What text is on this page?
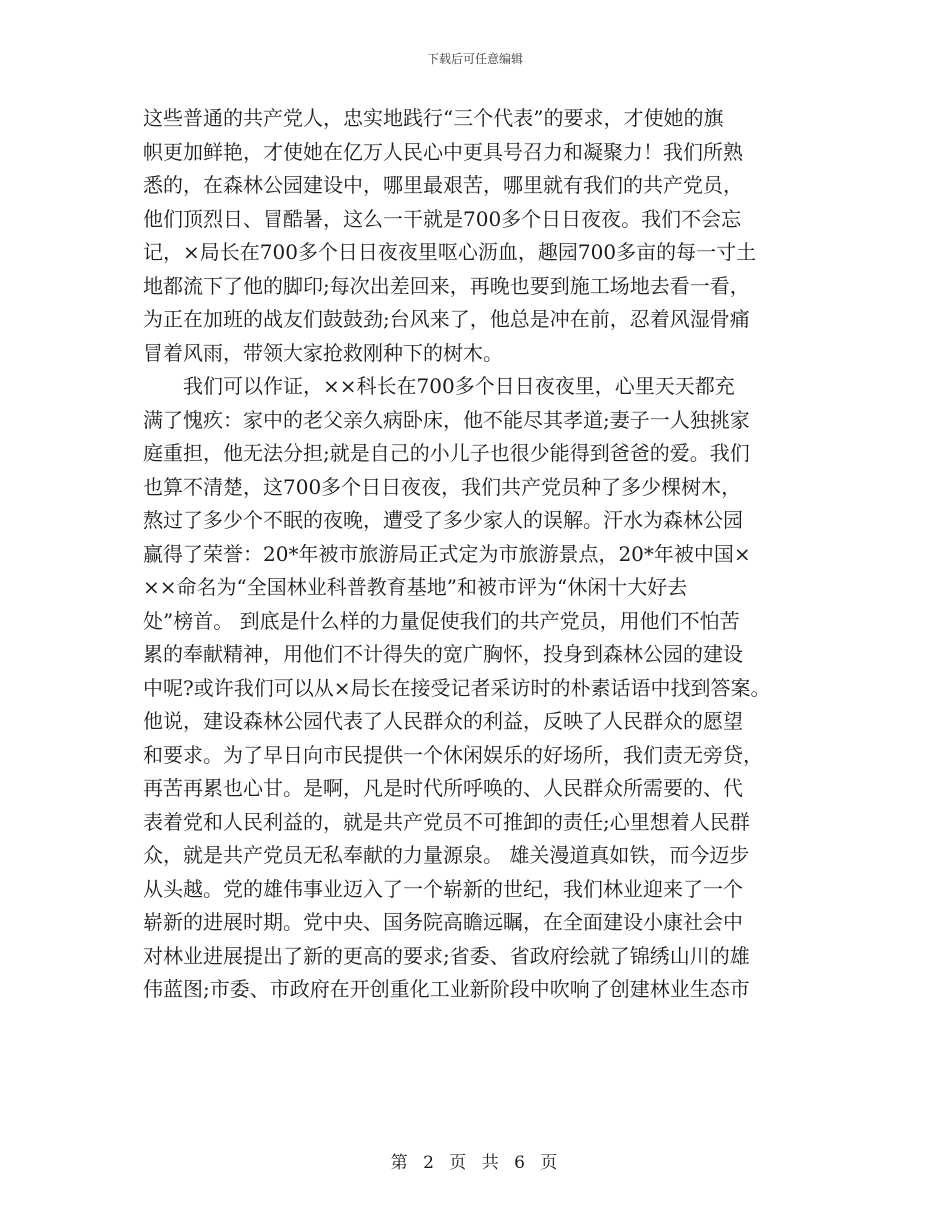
下载后可任意编辑
这些普通的共产党人，忠实地践行“三个代表”的要求，才使她的旗
帜更加鲜艳，才使她在亿万人民心中更具号召力和凝聚力！我们所熟
悉的，在森林公园建设中，哪里最艰苦，哪里就有我们的共产党员，
他们顶烈日、冒酷暑，这么一干就是700多个日日夜夜。我们不会忘
记，×局长在700多个日日夜夜里呕心沥血，趣园700多亩的每一寸土
地都流下了他的脚印;每次出差回来，再晚也要到施工场地去看一看，
为正在加班的战友们鼓鼓劲;台风来了，他总是冲在前，忍着风湿骨痛
冒着风雨，带领大家抢救刚种下的树木。
我们可以作证，××科长在700多个日日夜夜里，心里天天都充
满了愧疚：家中的老父亲久病卧床，他不能尽其孝道;妻子一人独挑家
庭重担，他无法分担;就是自己的小儿子也很少能得到爸爸的爱。我们
也算不清楚，这700多个日日夜夜，我们共产党员种了多少棵树木，
熬过了多少个不眠的夜晚，遭受了多少家人的误解。汗水为森林公园
赢得了荣誉：20*年被市旅游局正式定为市旅游景点，20*年被中国×
××命名为“全国林业科普教育基地”和被市评为“休闲十大好去
处”榜首。 到底是什么样的力量促使我们的共产党员，用他们不怕苦
累的奉献精神，用他们不计得失的宽广胸怀，投身到森林公园的建设
中呢?或许我们可以从×局长在接受记者采访时的朴素话语中找到答案。
他说，建设森林公园代表了人民群众的利益，反映了人民群众的愿望
和要求。为了早日向市民提供一个休闲娱乐的好场所，我们责无旁贷，
再苦再累也心甘。是啊，凡是时代所呼唤的、人民群众所需要的、代
表着党和人民利益的，就是共产党员不可推卸的责任;心里想着人民群
众，就是共产党员无私奉献的力量源泉。 雄关漫道真如铁，而今迈步
从头越。党的雄伟事业迈入了一个崭新的世纪，我们林业迎来了一个
崭新的进展时期。党中央、国务院高瞻远瞩，在全面建设小康社会中
对林业进展提出了新的更高的要求;省委、省政府绘就了锦绣山川的雄
伟蓝图;市委、市政府在开创重化工业新阶段中吹响了创建林业生态市
第 2 页 共 6 页
